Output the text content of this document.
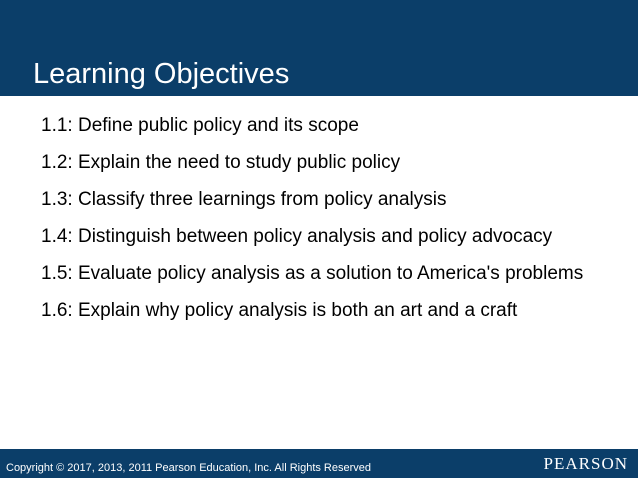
Learning Objectives
1.1: Define public policy and its scope
1.2: Explain the need to study public policy
1.3: Classify three learnings from policy analysis
1.4: Distinguish between policy analysis and policy advocacy
1.5: Evaluate policy analysis as a solution to America's problems
1.6: Explain why policy analysis is both an art and a craft
Copyright © 2017, 2013, 2011 Pearson Education, Inc. All Rights Reserved	PEARSON
